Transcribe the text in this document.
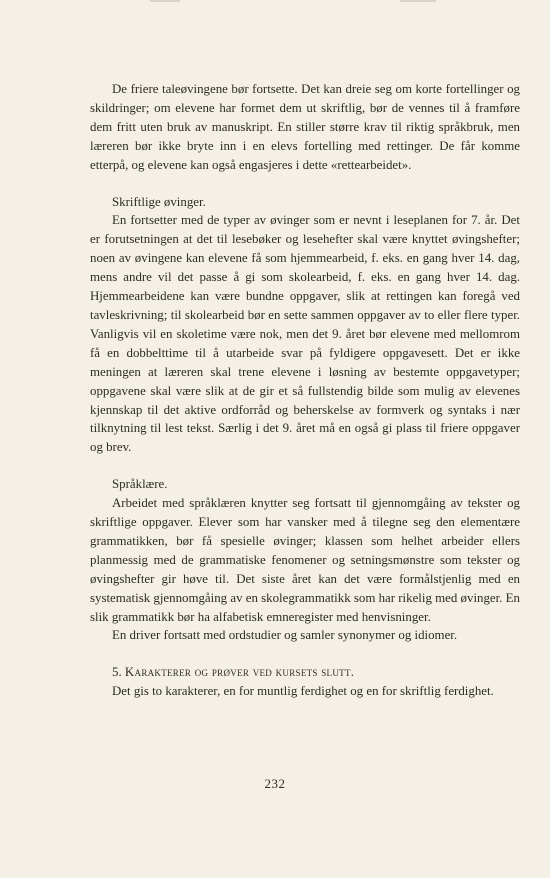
De friere taleøvingene bør fortsette. Det kan dreie seg om korte fortellinger og skildringer; om elevene har formet dem ut skriftlig, bør de vennes til å framføre dem fritt uten bruk av manuskript. En stiller større krav til riktig språkbruk, men læreren bør ikke bryte inn i en elevs fortelling med rettinger. De får komme etterpå, og elevene kan også engasjeres i dette «rettearbeidet».

Skriftlige øvinger.

En fortsetter med de typer av øvinger som er nevnt i leseplanen for 7. år. Det er forutsetningen at det til lesebøker og lesehefter skal være knyttet øvingshefter; noen av øvingene kan elevene få som hjemmearbeid, f. eks. en gang hver 14. dag, mens andre vil det passe å gi som skolearbeid, f. eks. en gang hver 14. dag. Hjemmearbeidene kan være bundne oppgaver, slik at rettingen kan foregå ved tavleskrivning; til skolearbeid bør en sette sammen oppgaver av to eller flere typer. Vanligvis vil en skoletime være nok, men det 9. året bør elevene med mellomrom få en dobbelttime til å utarbeide svar på fyldigere oppgavesett. Det er ikke meningen at læreren skal trene elevene i løsning av bestemte oppgavetyper; oppgavene skal være slik at de gir et så fullstendig bilde som mulig av elevenes kjennskap til det aktive ordforråd og beherskelse av formverk og syntaks i nær tilknytning til lest tekst. Særlig i det 9. året må en også gi plass til friere oppgaver og brev.

Språklære.

Arbeidet med språklæren knytter seg fortsatt til gjennomgåing av tekster og skriftlige oppgaver. Elever som har vansker med å tilegne seg den elementære grammatikken, bør få spesielle øvinger; klassen som helhet arbeider ellers planmessig med de grammatiske fenomener og setningsmønstre som tekster og øvingshefter gir høve til. Det siste året kan det være formålstjenlig med en systematisk gjennomgåing av en skolegrammatikk som har rikelig med øvinger. En slik grammatikk bør ha alfabetisk emneregister med henvisninger.

En driver fortsatt med ordstudier og samler synonymer og idiomer.

5. Karakterer og prøver ved kursets slutt.

Det gis to karakterer, en for muntlig ferdighet og en for skriftlig ferdighet.

232
